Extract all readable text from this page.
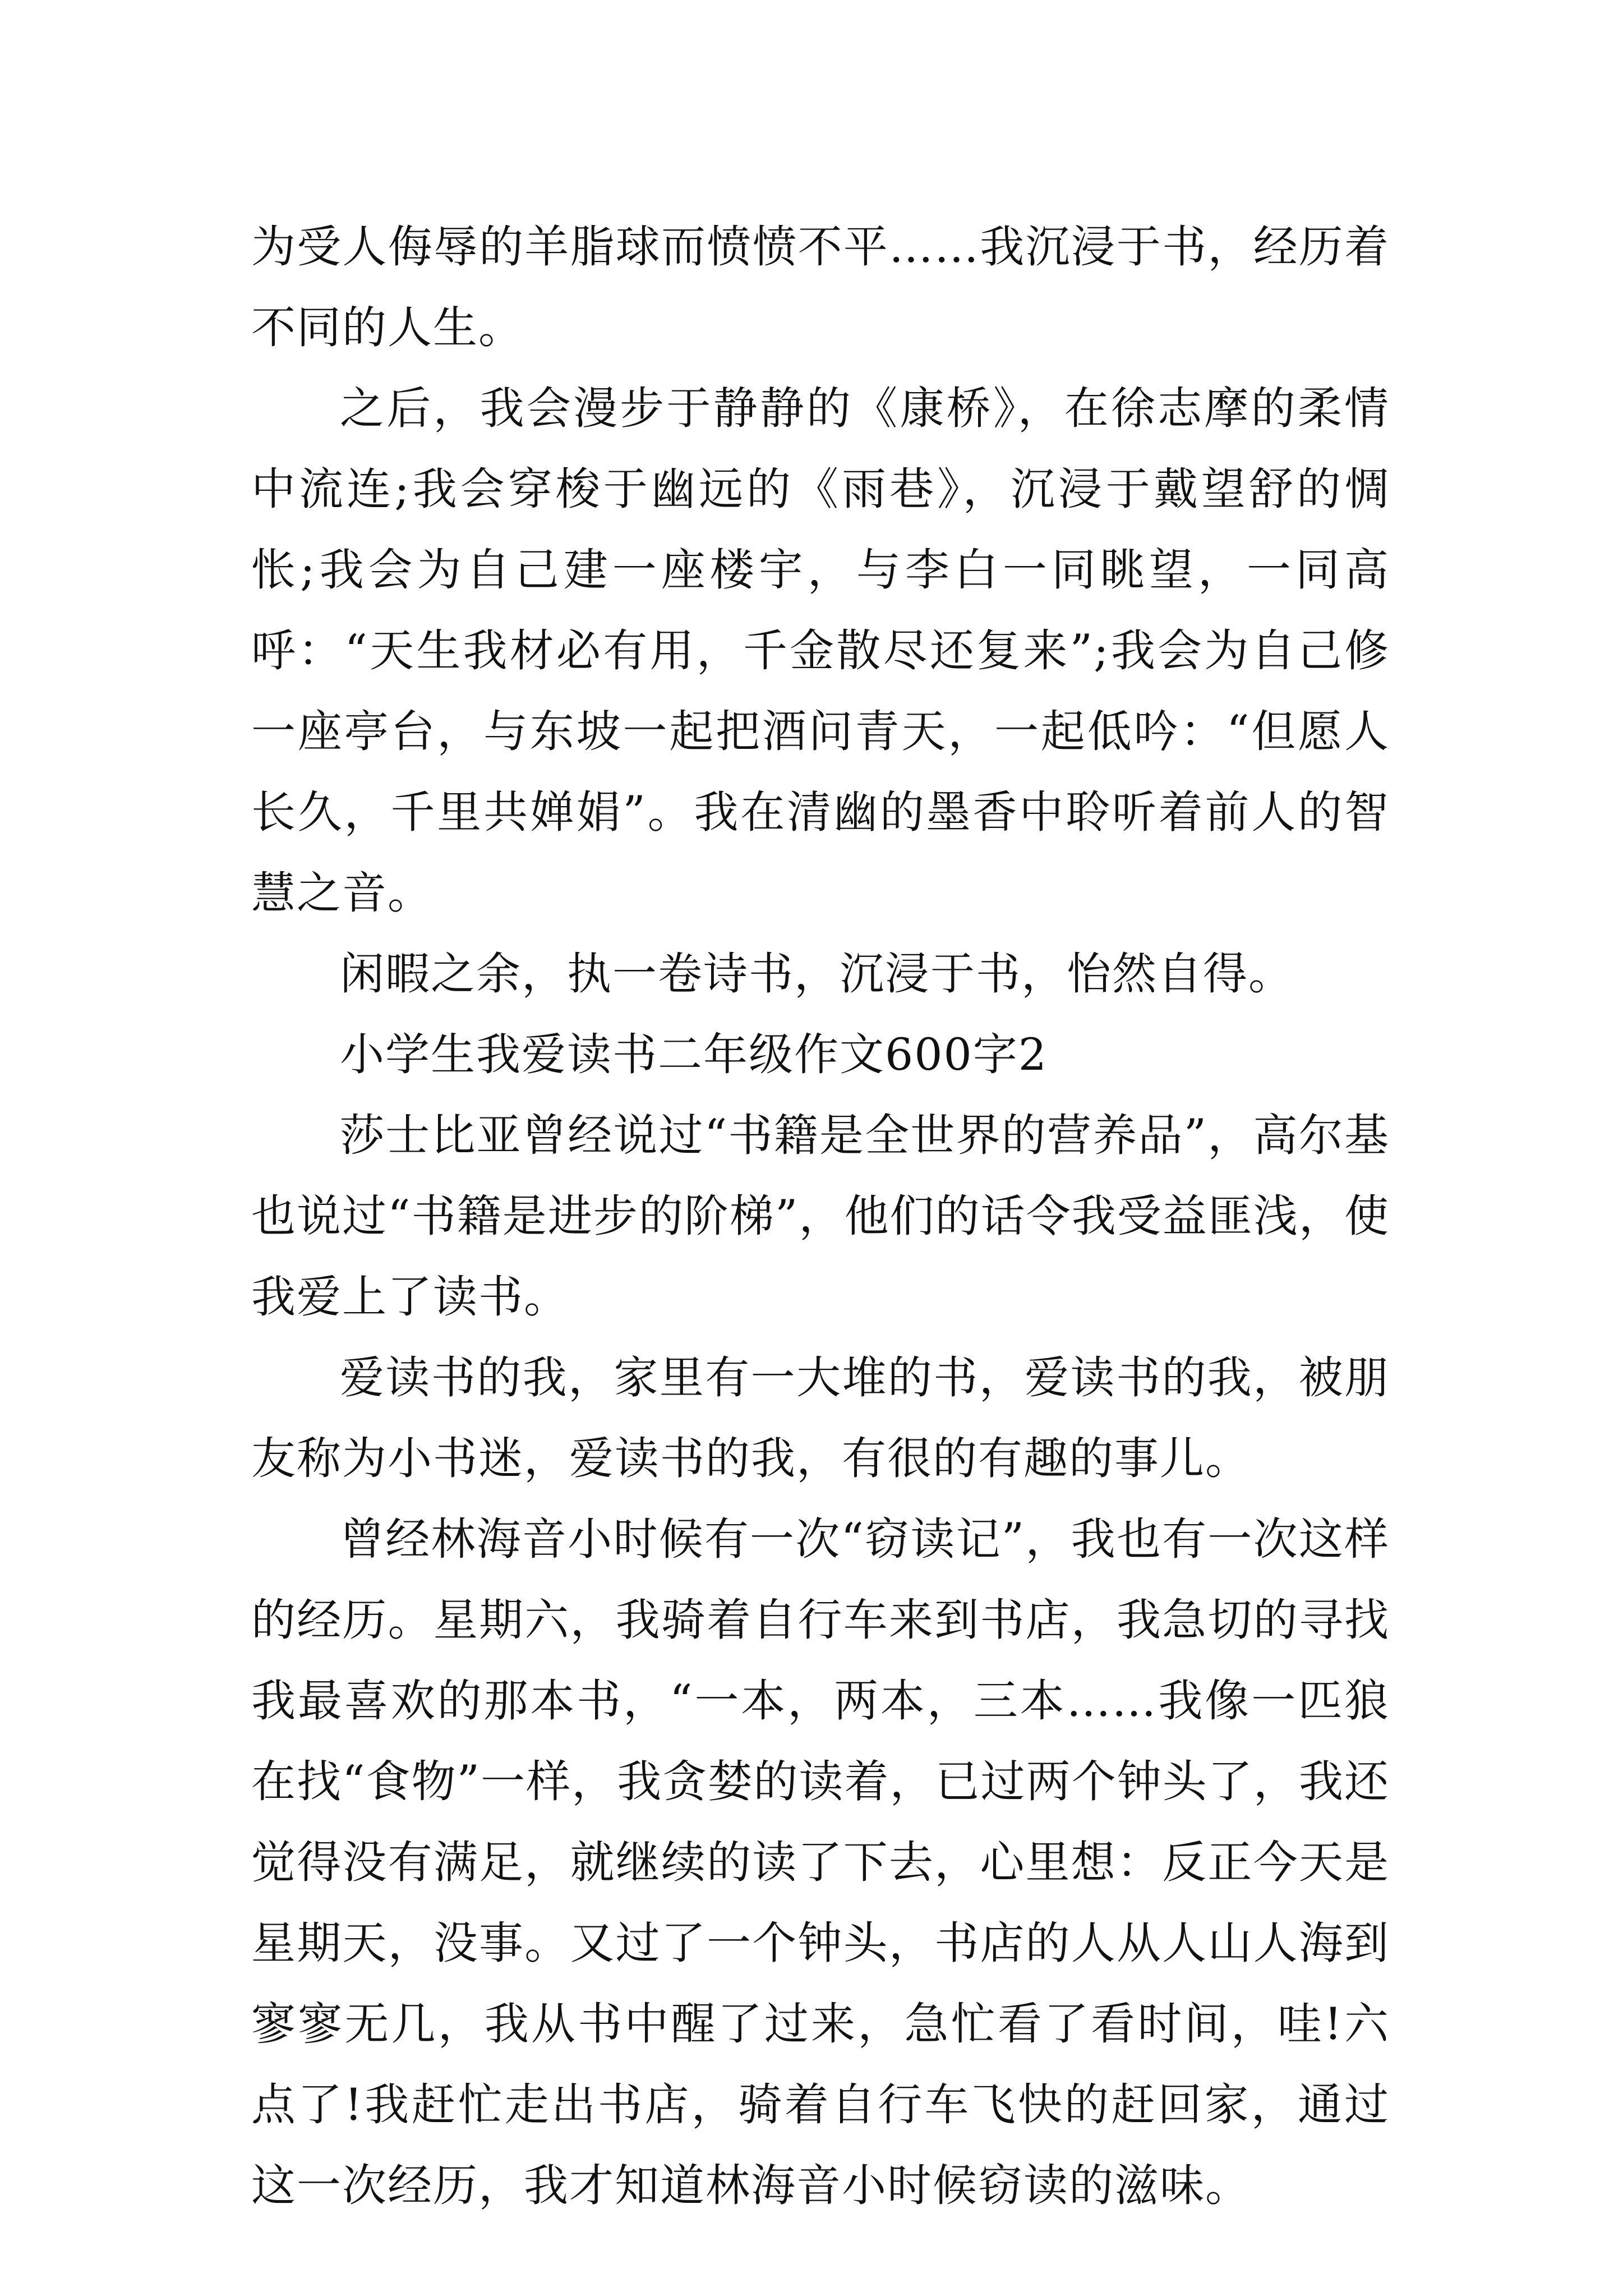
为受人侮辱的羊脂球而愤愤不平……我沉浸于书，经历着不同的人生。

之后，我会漫步于静静的《康桥》，在徐志摩的柔情中流连;我会穿梭于幽远的《雨巷》，沉浸于戴望舒的惆怅;我会为自己建一座楼宇，与李白一同眺望，一同高呼：“天生我材必有用，千金散尽还复来”;我会为自己修一座亭台，与东坡一起把酒问青天，一起低吟：“但愿人长久，千里共婵娟”。我在清幽的墨香中聆听着前人的智慧之音。

闲暇之余，执一卷诗书，沉浸于书，怡然自得。

小学生我爱读书二年级作文600字2

莎士比亚曾经说过“书籍是全世界的营养品”，高尔基也说过“书籍是进步的阶梯”，他们的话令我受益匪浅，使我爱上了读书。

爱读书的我，家里有一大堆的书，爱读书的我，被朋友称为小书迷，爱读书的我，有很的有趣的事儿。

曾经林海音小时候有一次“窃读记”，我也有一次这样的经历。星期六，我骑着自行车来到书店，我急切的寻找我最喜欢的那本书，“一本，两本，三本……我像一匹狼在找“食物”一样，我贪婪的读着，已过两个钟头了，我还觉得没有满足，就继续的读了下去，心里想：反正今天是星期天，没事。又过了一个钟头，书店的人从人山人海到寥寥无几，我从书中醒了过来，急忙看了看时间，哇!六点了!我赶忙走出书店，骑着自行车飞快的赶回家，通过这一次经历，我才知道林海音小时候窃读的滋味。
